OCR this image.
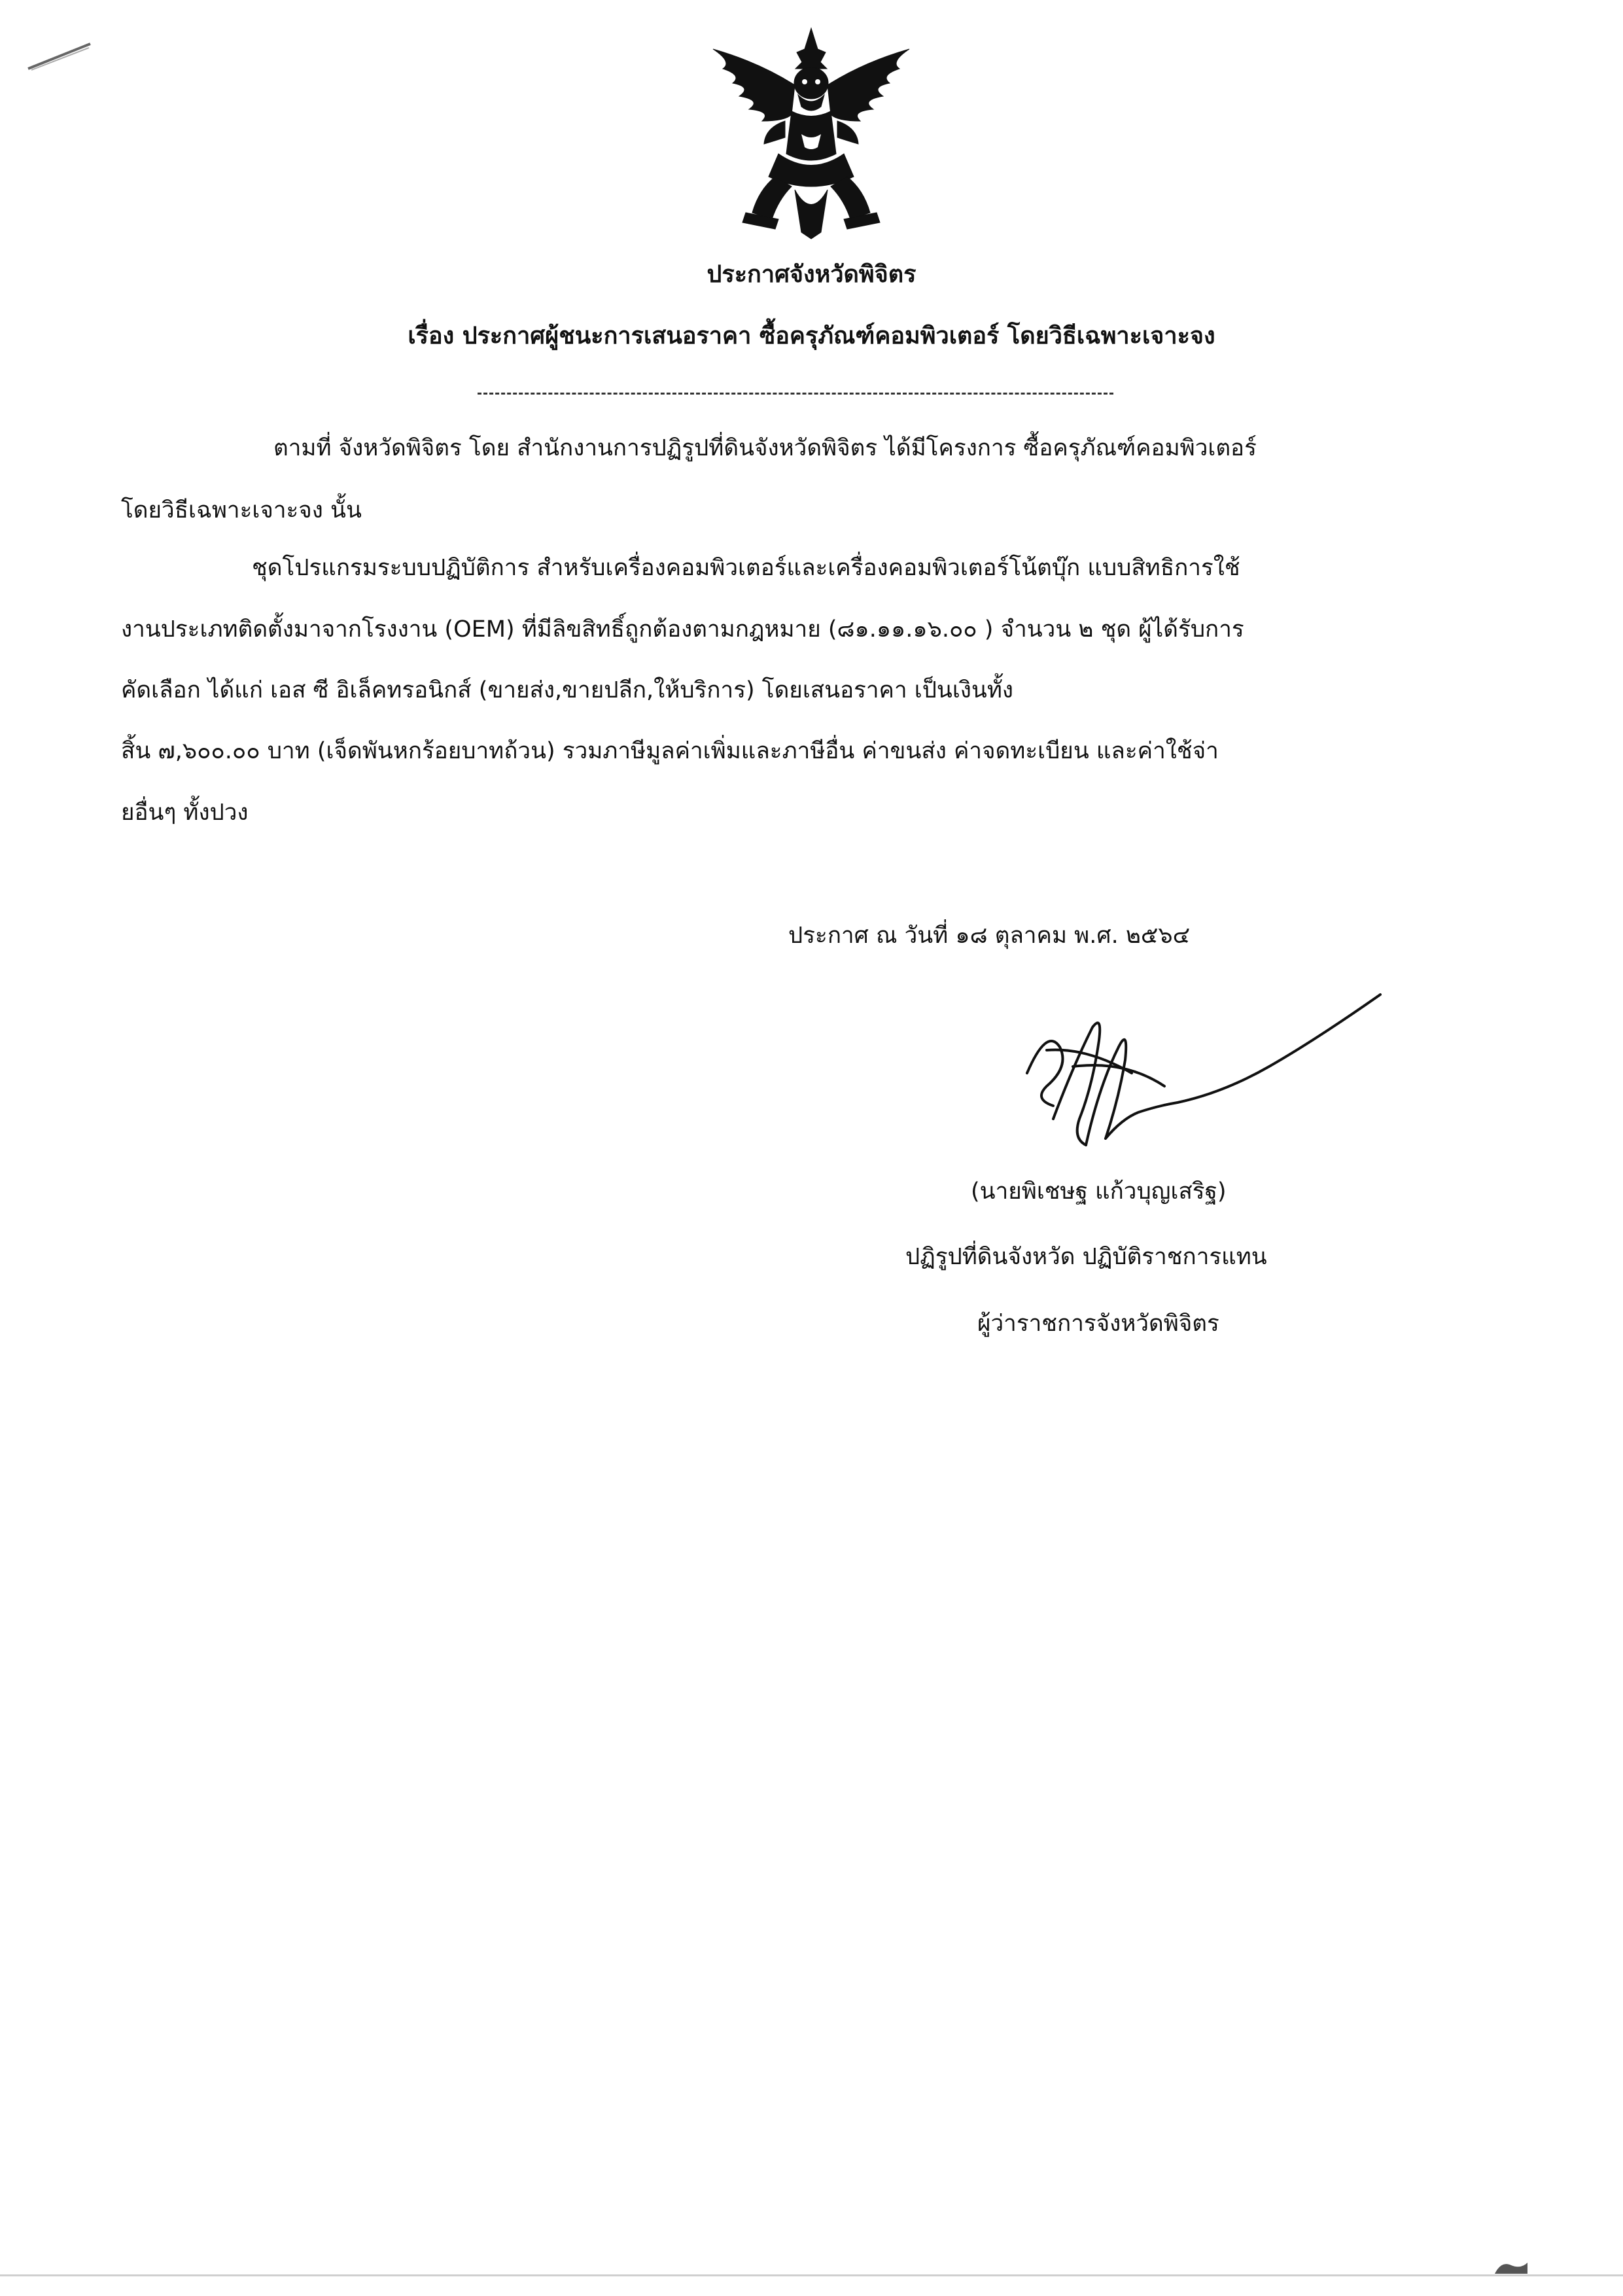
ประกาศจังหวัดพิจิตร
เรื่อง ประกาศผู้ชนะการเสนอราคา ซื้อครุภัณฑ์คอมพิวเตอร์ โดยวิธีเฉพาะเจาะจง
ตามที่ จังหวัดพิจิตร โดย สำนักงานการปฏิรูปที่ดินจังหวัดพิจิตร ได้มีโครงการ ซื้อครุภัณฑ์คอมพิวเตอร์
โดยวิธีเฉพาะเจาะจง นั้น
ชุดโปรแกรมระบบปฏิบัติการ สำหรับเครื่องคอมพิวเตอร์และเครื่องคอมพิวเตอร์โน้ตบุ๊ก แบบสิทธิการใช้
งานประเภทติดตั้งมาจากโรงงาน (OEM) ที่มีลิขสิทธิ์ถูกต้องตามกฎหมาย (๘๑.๑๑.๑๖.๐๐ ) จำนวน ๒ ชุด ผู้ได้รับการ
คัดเลือก ได้แก่ เอส ซี อิเล็คทรอนิกส์ (ขายส่ง,ขายปลีก,ให้บริการ) โดยเสนอราคา เป็นเงินทั้ง
สิ้น ๗,๖๐๐.๐๐ บาท (เจ็ดพันหกร้อยบาทถ้วน) รวมภาษีมูลค่าเพิ่มและภาษีอื่น ค่าขนส่ง ค่าจดทะเบียน และค่าใช้จ่า
ยอื่นๆ ทั้งปวง
ประกาศ ณ วันที่ ๑๘ ตุลาคม พ.ศ. ๒๕๖๔
(นายพิเชษฐ แก้วบุญเสริฐ)
ปฏิรูปที่ดินจังหวัด ปฏิบัติราชการแทน
ผู้ว่าราชการจังหวัดพิจิตร
